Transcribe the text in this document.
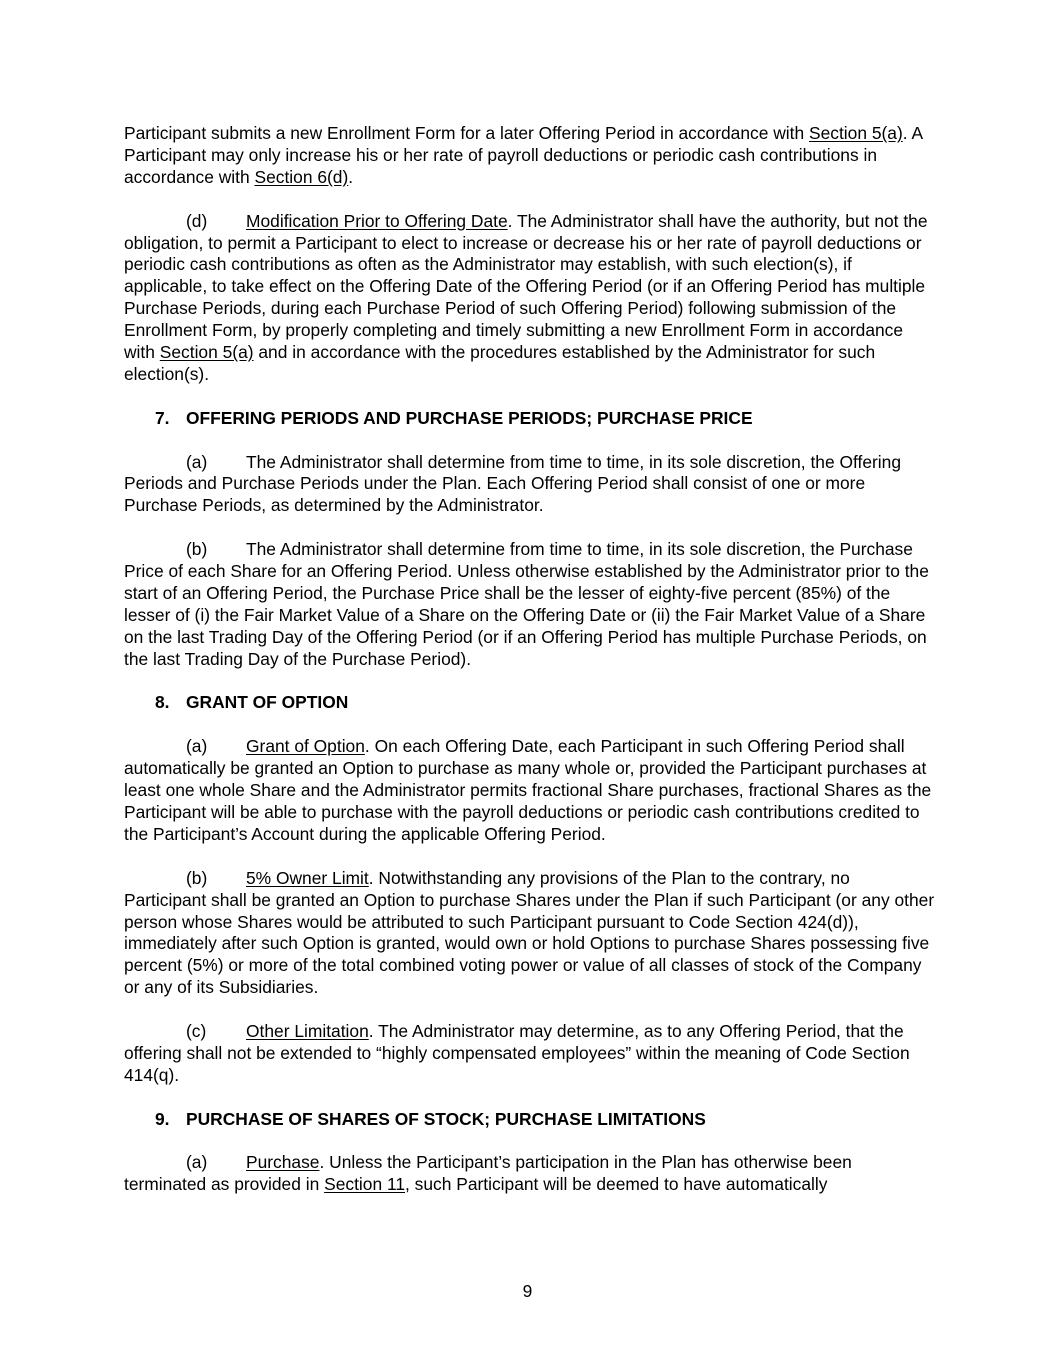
Participant submits a new Enrollment Form for a later Offering Period in accordance with Section 5(a). A Participant may only increase his or her rate of payroll deductions or periodic cash contributions in accordance with Section 6(d).

(d) Modification Prior to Offering Date. The Administrator shall have the authority, but not the obligation, to permit a Participant to elect to increase or decrease his or her rate of payroll deductions or periodic cash contributions as often as the Administrator may establish, with such election(s), if applicable, to take effect on the Offering Date of the Offering Period (or if an Offering Period has multiple Purchase Periods, during each Purchase Period of such Offering Period) following submission of the Enrollment Form, by properly completing and timely submitting a new Enrollment Form in accordance with Section 5(a) and in accordance with the procedures established by the Administrator for such election(s).

7. OFFERING PERIODS AND PURCHASE PERIODS; PURCHASE PRICE

(a) The Administrator shall determine from time to time, in its sole discretion, the Offering Periods and Purchase Periods under the Plan. Each Offering Period shall consist of one or more Purchase Periods, as determined by the Administrator.

(b) The Administrator shall determine from time to time, in its sole discretion, the Purchase Price of each Share for an Offering Period. Unless otherwise established by the Administrator prior to the start of an Offering Period, the Purchase Price shall be the lesser of eighty-five percent (85%) of the lesser of (i) the Fair Market Value of a Share on the Offering Date or (ii) the Fair Market Value of a Share on the last Trading Day of the Offering Period (or if an Offering Period has multiple Purchase Periods, on the last Trading Day of the Purchase Period).

8. GRANT OF OPTION

(a) Grant of Option. On each Offering Date, each Participant in such Offering Period shall automatically be granted an Option to purchase as many whole or, provided the Participant purchases at least one whole Share and the Administrator permits fractional Share purchases, fractional Shares as the Participant will be able to purchase with the payroll deductions or periodic cash contributions credited to the Participant’s Account during the applicable Offering Period.

(b) 5% Owner Limit. Notwithstanding any provisions of the Plan to the contrary, no Participant shall be granted an Option to purchase Shares under the Plan if such Participant (or any other person whose Shares would be attributed to such Participant pursuant to Code Section 424(d)), immediately after such Option is granted, would own or hold Options to purchase Shares possessing five percent (5%) or more of the total combined voting power or value of all classes of stock of the Company or any of its Subsidiaries.

(c) Other Limitation. The Administrator may determine, as to any Offering Period, that the offering shall not be extended to “highly compensated employees” within the meaning of Code Section 414(q).

9. PURCHASE OF SHARES OF STOCK; PURCHASE LIMITATIONS

(a) Purchase. Unless the Participant’s participation in the Plan has otherwise been terminated as provided in Section 11, such Participant will be deemed to have automatically

9
